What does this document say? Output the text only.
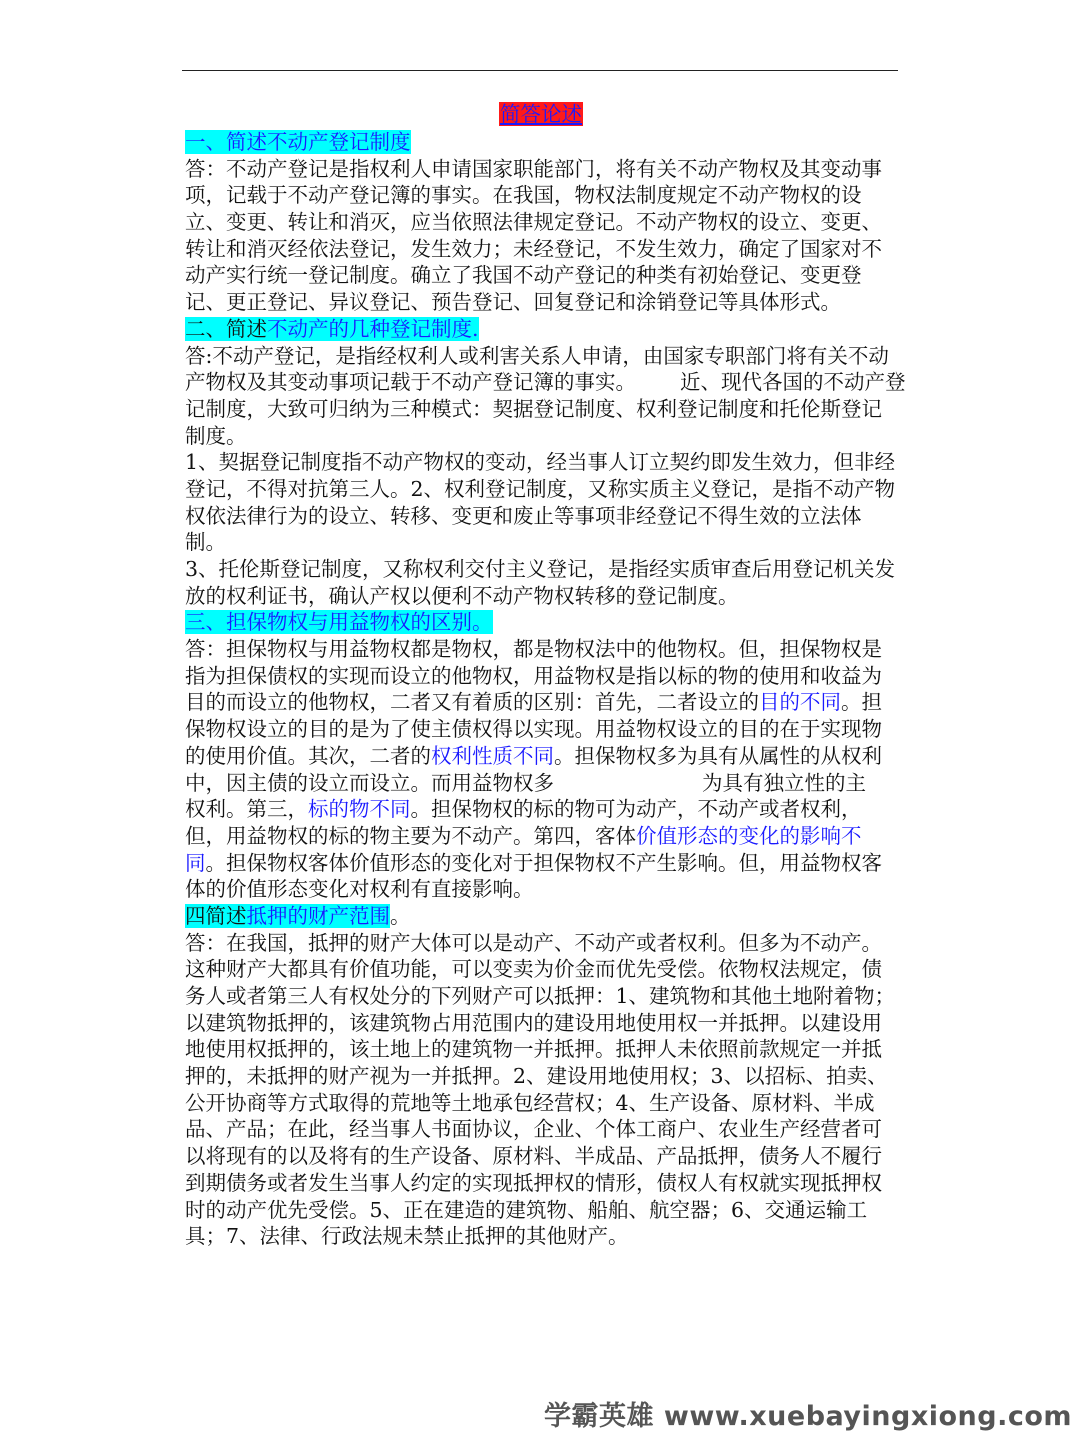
简答论述
一、简述不动产登记制度
答：不动产登记是指权利人申请国家职能部门，将有关不动产物权及其变动事
项，记载于不动产登记簿的事实。在我国，物权法制度规定不动产物权的设
立、变更、转让和消灭，应当依照法律规定登记。不动产物权的设立、变更、
转让和消灭经依法登记，发生效力；未经登记，不发生效力，确定了国家对不
动产实行统一登记制度。确立了我国不动产登记的种类有初始登记、变更登
记、更正登记、异议登记、预告登记、回复登记和涂销登记等具体形式。
二、简述不动产的几种登记制度.
答:不动产登记，是指经权利人或利害关系人申请，由国家专职部门将有关不动
产物权及其变动事项记载于不动产登记簿的事实。 近、现代各国的不动产登
记制度，大致可归纳为三种模式：契据登记制度、权利登记制度和托伦斯登记
制度。
1、契据登记制度指不动产物权的变动，经当事人订立契约即发生效力，但非经
登记，不得对抗第三人。2、权利登记制度，又称实质主义登记，是指不动产物
权依法律行为的设立、转移、变更和废止等事项非经登记不得生效的立法体
制。
3、托伦斯登记制度，又称权利交付主义登记，是指经实质审查后用登记机关发
放的权利证书，确认产权以便利不动产物权转移的登记制度。
三、担保物权与用益物权的区别。
答：担保物权与用益物权都是物权，都是物权法中的他物权。但，担保物权是
指为担保债权的实现而设立的他物权，用益物权是指以标的物的使用和收益为
目的而设立的他物权，二者又有着质的区别：首先，二者设立的目的不同。担
保物权设立的目的是为了使主债权得以实现。用益物权设立的目的在于实现物
的使用价值。其次，二者的权利性质不同。担保物权多为具有从属性的从权利
中，因主债的设立而设立。而用益物权多	为具有独立性的主
权利。第三，标的物不同。担保物权的标的物可为动产，不动产或者权利，
但，用益物权的标的物主要为不动产。第四，客体价值形态的变化的影响不
同。担保物权客体价值形态的变化对于担保物权不产生影响。但，用益物权客
体的价值形态变化对权利有直接影响。
四简述抵押的财产范围。
答：在我国，抵押的财产大体可以是动产、不动产或者权利。但多为不动产。
这种财产大都具有价值功能，可以变卖为价金而优先受偿。依物权法规定，债
务人或者第三人有权处分的下列财产可以抵押：1、建筑物和其他土地附着物；
以建筑物抵押的，该建筑物占用范围内的建设用地使用权一并抵押。以建设用
地使用权抵押的，该土地上的建筑物一并抵押。抵押人未依照前款规定一并抵
押的，未抵押的财产视为一并抵押。2、建设用地使用权；3、以招标、拍卖、
公开协商等方式取得的荒地等土地承包经营权；4、生产设备、原材料、半成
品、产品；在此，经当事人书面协议，企业、个体工商户、农业生产经营者可
以将现有的以及将有的生产设备、原材料、半成品、产品抵押，债务人不履行
到期债务或者发生当事人约定的实现抵押权的情形，债权人有权就实现抵押权
时的动产优先受偿。5、正在建造的建筑物、船舶、航空器；6、交通运输工
具；7、法律、行政法规未禁止抵押的其他财产。
学霸英雄 www.xuebayingxiong.com
